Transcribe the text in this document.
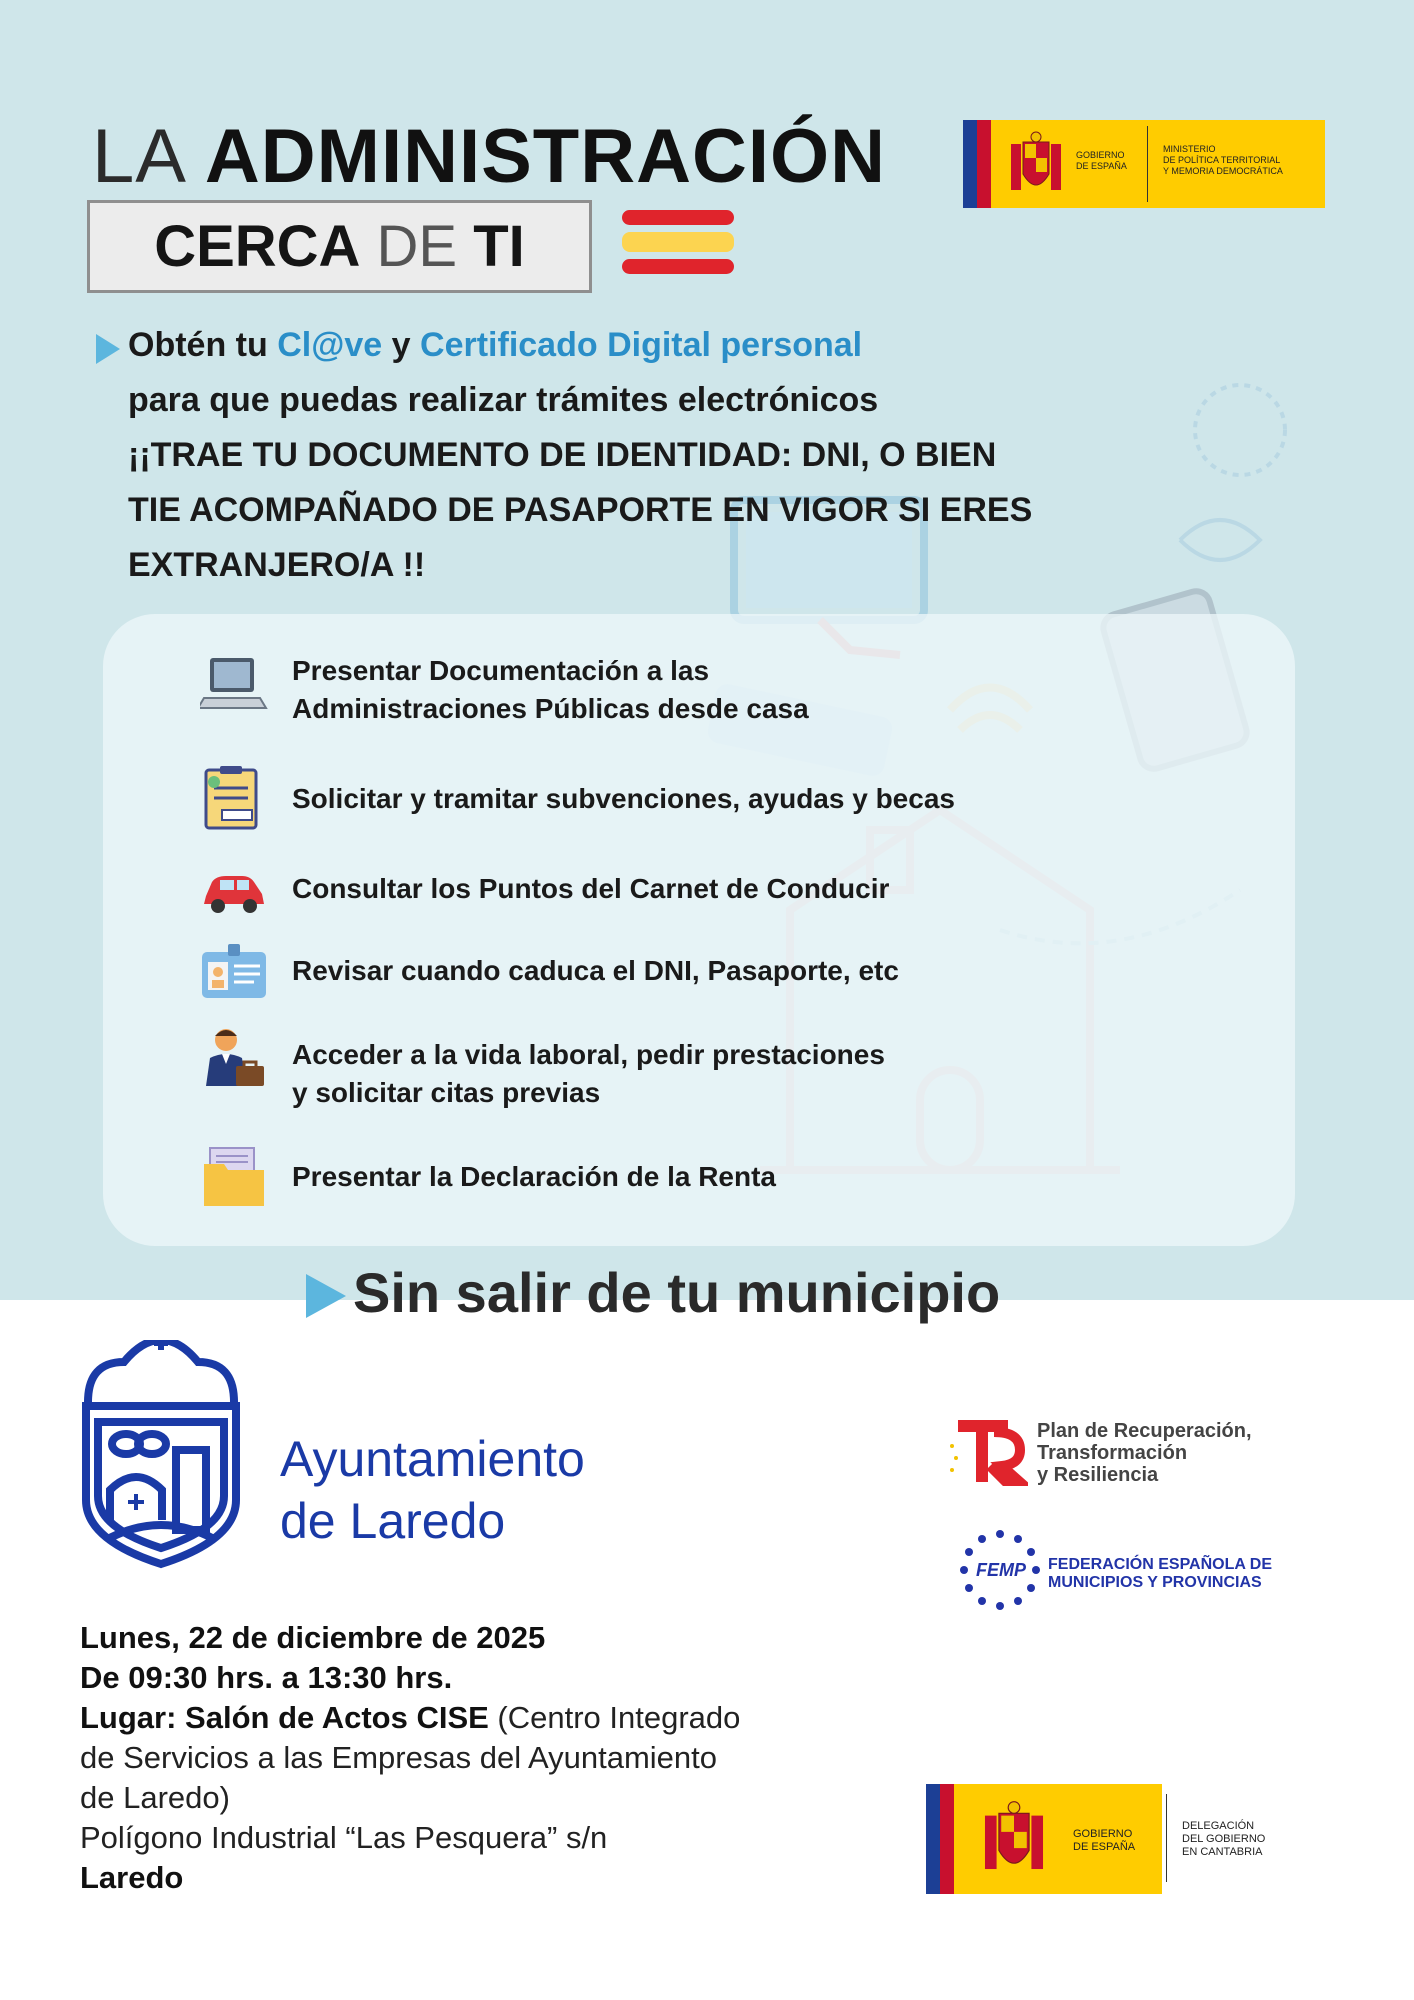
LA ADMINISTRACIÓN
CERCA DE TI
GOBIERNO
DE ESPAÑA
MINISTERIO
DE POLÍTICA TERRITORIAL
Y MEMORIA DEMOCRÁTICA
Obtén tu Cl@ve y Certificado Digital personal
para que puedas realizar trámites electrónicos
¡¡TRAE TU DOCUMENTO DE IDENTIDAD: DNI, O BIEN
TIE ACOMPAÑADO DE PASAPORTE EN VIGOR SI ERES
EXTRANJERO/A !!
Presentar Documentación a las
Administraciones Públicas desde casa
Solicitar y tramitar subvenciones, ayudas y becas
Consultar los Puntos del Carnet de Conducir
Revisar cuando caduca el DNI, Pasaporte, etc
Acceder a la vida laboral, pedir prestaciones
y solicitar citas previas
Presentar la Declaración de la Renta
Sin salir de tu municipio
Ayuntamiento
de Laredo
Plan de Recuperación,
Transformación
y Resiliencia
FEMP FEDERACIÓN ESPAÑOLA DE
MUNICIPIOS Y PROVINCIAS
Lunes, 22 de diciembre de 2025
De 09:30 hrs. a 13:30 hrs.
Lugar: Salón de Actos CISE (Centro Integrado
de Servicios a las Empresas del Ayuntamiento
de Laredo)
Polígono Industrial “Las Pesquera” s/n
Laredo
GOBIERNO
DE ESPAÑA
DELEGACIÓN
DEL GOBIERNO
EN CANTABRIA
